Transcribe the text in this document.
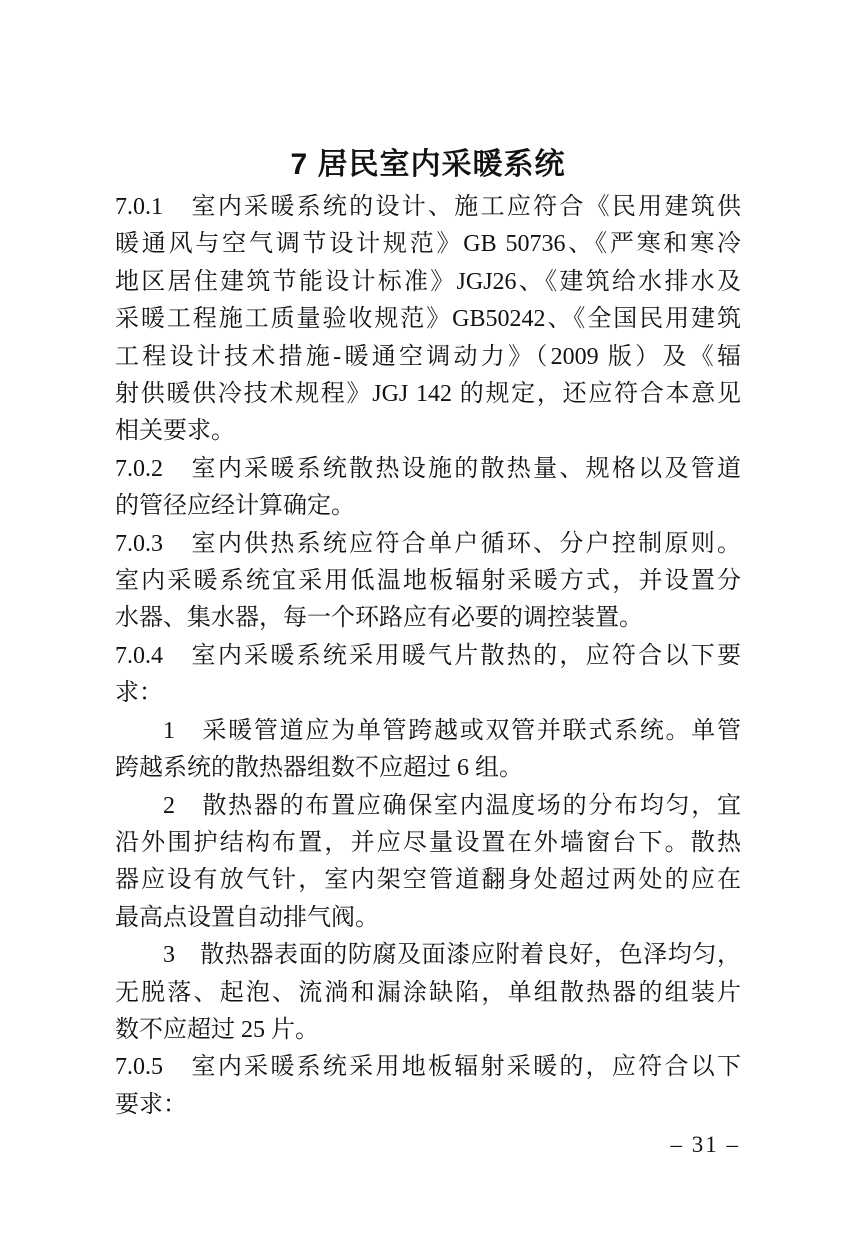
7 居民室内采暖系统
7.0.1　室内采暖系统的设计、施工应符合《民用建筑供
暖通风与空气调节设计规范》GB 50736、《严寒和寒冷
地区居住建筑节能设计标准》JGJ26、《建筑给水排水及
采暖工程施工质量验收规范》GB50242、《全国民用建筑
工程设计技术措施-暖通空调动力》（2009 版）及《辐
射供暖供冷技术规程》JGJ 142 的规定，还应符合本意见
相关要求。
7.0.2　室内采暖系统散热设施的散热量、规格以及管道
的管径应经计算确定。
7.0.3　室内供热系统应符合单户循环、分户控制原则。
室内采暖系统宜采用低温地板辐射采暖方式，并设置分
水器、集水器，每一个环路应有必要的调控装置。
7.0.4　室内采暖系统采用暖气片散热的，应符合以下要
求：
1　采暖管道应为单管跨越或双管并联式系统。单管
跨越系统的散热器组数不应超过 6 组。
2　散热器的布置应确保室内温度场的分布均匀，宜
沿外围护结构布置，并应尽量设置在外墙窗台下。散热
器应设有放气针，室内架空管道翻身处超过两处的应在
最高点设置自动排气阀。
3　散热器表面的防腐及面漆应附着良好，色泽均匀，
无脱落、起泡、流淌和漏涂缺陷，单组散热器的组装片
数不应超过 25 片。
7.0.5　室内采暖系统采用地板辐射采暖的，应符合以下
要求：
– 31 –
